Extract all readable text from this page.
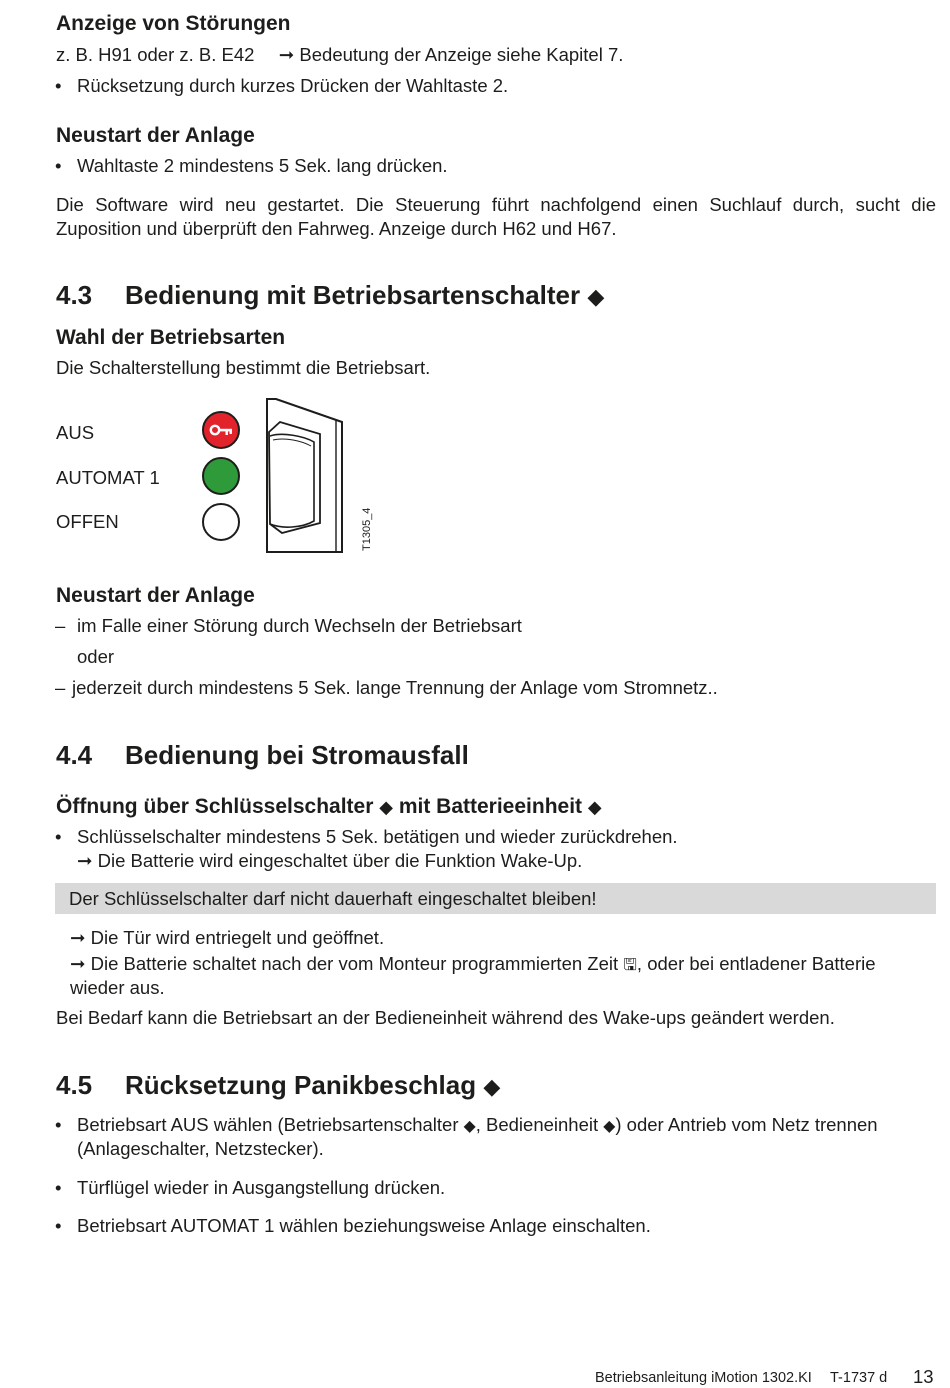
Anzeige von Störungen
z. B. H91 oder z. B. E42 ➞ Bedeutung der Anzeige siehe Kapitel 7.
• Rücksetzung durch kurzes Drücken der Wahltaste 2.
Neustart der Anlage
• Wahltaste 2 mindestens 5 Sek. lang drücken.
Die Software wird neu gestartet. Die Steuerung führt nachfolgend einen Suchlauf durch, sucht die Zuposition und überprüft den Fahrweg. Anzeige durch H62 und H67.
4.3 Bedienung mit Betriebsartenschalter ◆
Wahl der Betriebsarten
Die Schalterstellung bestimmt die Betriebsart.
AUS
AUTOMAT 1
OFFEN	T1305_4
Neustart der Anlage
– im Falle einer Störung durch Wechseln der Betriebsart
oder
– jederzeit durch mindestens 5 Sek. lange Trennung der Anlage vom Stromnetz..
4.4 Bedienung bei Stromausfall
Öffnung über Schlüsselschalter ◆ mit Batterieeinheit ◆
• Schlüsselschalter mindestens 5 Sek. betätigen und wieder zurückdrehen.
➞ Die Batterie wird eingeschaltet über die Funktion Wake-Up.
Der Schlüsselschalter darf nicht dauerhaft eingeschaltet bleiben!
➞ Die Tür wird entriegelt und geöffnet.
➞ Die Batterie schaltet nach der vom Monteur programmierten Zeit 🖫, oder bei entladener Batterie
wieder aus.
Bei Bedarf kann die Betriebsart an der Bedieneinheit während des Wake-ups geändert werden.
4.5 Rücksetzung Panikbeschlag ◆
• Betriebsart AUS wählen (Betriebsartenschalter ◆, Bedieneinheit ◆) oder Antrieb vom Netz trennen
(Anlageschalter, Netzstecker).
• Türflügel wieder in Ausgangstellung drücken.
• Betriebsart AUTOMAT 1 wählen beziehungsweise Anlage einschalten.
Betriebsanleitung iMotion 1302.KI T-1737 d 13
